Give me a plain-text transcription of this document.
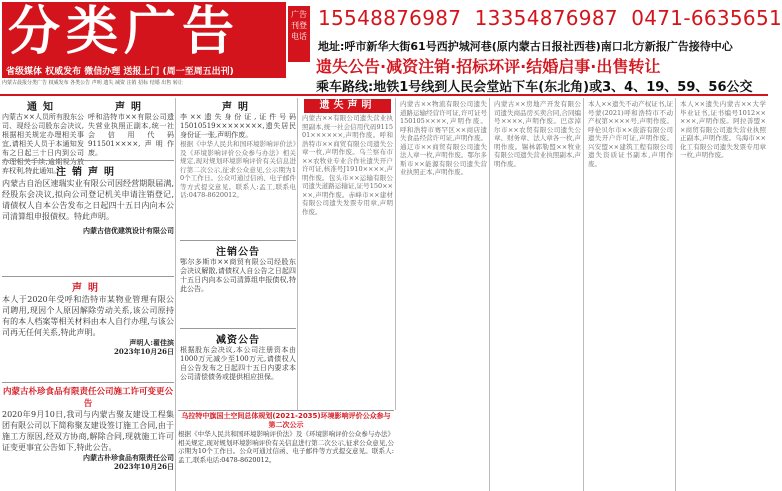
分类广告
省级媒体 权威发布 微信办理 送报上门 (周一至周五出刊)
内蒙古晨报分类广告 权威发布 各类公告 声明 遗失 减资 注销 招标 结婚 出售 转让
广告刊登电话
15548876987 13354876987 0471-6635651
地址:呼市新华大街61号西护城河巷(原内蒙古日报社西巷)南口北方新报广告接待中心
遗失公告·减资注销·招标环评·结婚启事·出售转让
乘车路线:地铁1号线到人民会堂站下车(东北角)或3、4、19、59、56公交
通知
内蒙古××人员所有股东公司、现经公司股东会决议,根据相关规定办理相关事宜,请相关人员于本通知发布之日起三十日内到公司办理相关手续,逾期视为放弃权利,特此通知。
声明
呼和浩特市××有限公司遗失营业执照正副本,统一社会信用代码911501××××,声明作废。
注销声明
内蒙古自治区速瑞实业有限公司因经营期限届满,经股东会决议,拟向公司登记机关申请注销登记,请债权人自本公告发布之日起四十五日内向本公司清算组申报债权。特此声明。
内蒙古信优建筑设计有限公司
声明
本人于2020年受呼和浩特市某物业管理有限公司聘用,现因个人原因解除劳动关系,该公司原持有的本人档案等相关材料由本人自行办理,与该公司再无任何关系,特此声明。
声明人:翟佳滨
2023年10月26日
内蒙古朴珍食品有限责任公司施工许可变更公告
2020年9月10日,我司与内蒙古聚友建设工程集团有限公司以下简称聚友建设签订施工合同,由于施工方原因,经双方协商,解除合同,现就施工许可证变更事宜公告如下,特此公告。
内蒙古朴珍食品有限责任公司
2023年10月26日
声明
李××遗失身份证,证件号码15010519××××××××,遗失居民身份证一张,声明作废。
根据《中华人民共和国环境影响评价法》及《环境影响评价公众参与办法》相关规定,现对规划环境影响评价有关信息进行第二次公示,征求公众意见,公示期为10个工作日。公众可通过信函、电子邮件等方式提交意见。联系人:孟工,联系电话:0478-8620012。
注销公告
鄂尔多斯市××商贸有限公司经股东会决议解散,请债权人自公告之日起四十五日内向本公司清算组申报债权,特此公告。
减资公告
根据股东会决议,本公司注册资本由1000万元减少至100万元,请债权人自公告发布之日起四十五日内要求本公司清偿债务或提供相应担保。
乌拉特中旗国土空间总体规划(2021-2035)环境影响评价公众参与第二次公示
根据《中华人民共和国环境影响评价法》及《环境影响评价公众参与办法》相关规定,现对规划环境影响评价有关信息进行第二次公示,征求公众意见,公示期为10个工作日。公众可通过信函、电子邮件等方式提交意见。联系人:孟工,联系电话:0478-8620012。
遗失声明
内蒙古××有限公司遗失营业执照副本,统一社会信用代码911501××××××,声明作废。呼和浩特市××商贸有限公司遗失公章一枚,声明作废。乌兰察布市××农牧业专业合作社遗失开户许可证,核准号J1910××××,声明作废。包头市××运输有限公司遗失道路运输证,证号150××××,声明作废。赤峰市××建材有限公司遗失发票专用章,声明作废。
内蒙古××物流有限公司遗失道路运输经营许可证,许可证号150105××××,声明作废。呼和浩特市赛罕区××商店遗失食品经营许可证,声明作废。通辽市××商贸有限公司遗失法人章一枚,声明作废。鄂尔多斯市××能源有限公司遗失营业执照正本,声明作废。
内蒙古××房地产开发有限公司遗失商品房买卖合同,合同编号××××,声明作废。巴彦淖尔市××农贸有限公司遗失公章、财务章、法人章各一枚,声明作废。锡林郭勒盟××牧业有限公司遗失营业执照副本,声明作废。
本人××遗失不动产权证书,证号蒙(2021)呼和浩特市不动产权第××××号,声明作废。呼伦贝尔市××旅游有限公司遗失开户许可证,声明作废。兴安盟××建筑工程有限公司遗失资质证书副本,声明作废。
本人××遗失内蒙古××大学毕业证书,证书编号1012×××××,声明作废。阿拉善盟××商贸有限公司遗失营业执照正副本,声明作废。乌海市××化工有限公司遗失发票专用章一枚,声明作废。
